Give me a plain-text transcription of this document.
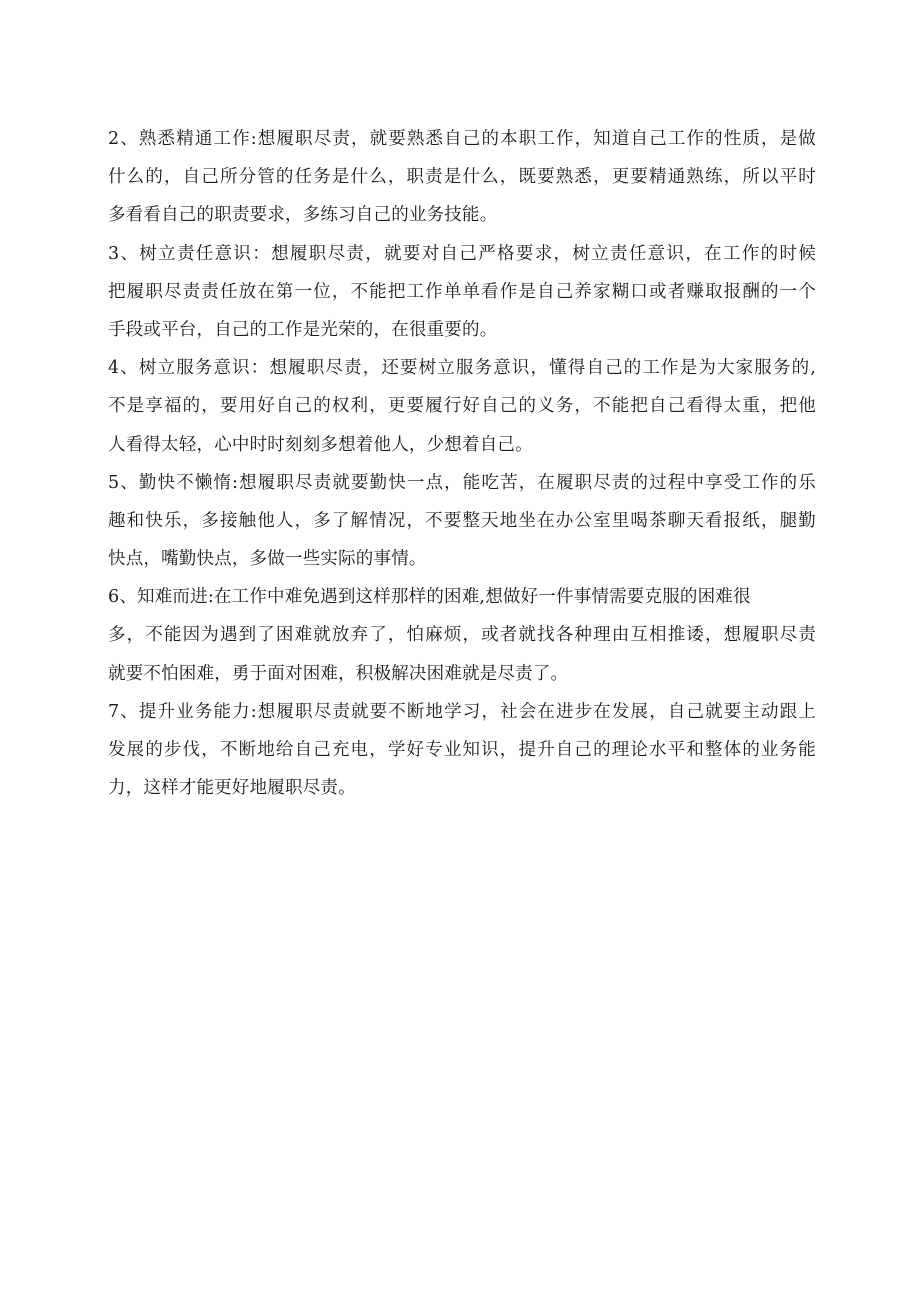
2、熟悉精通工作:想履职尽责，就要熟悉自己的本职工作，知道自己工作的性质，是做
什么的，自己所分管的任务是什么，职责是什么，既要熟悉，更要精通熟练，所以平时
多看看自己的职责要求，多练习自己的业务技能。
3、树立责任意识：想履职尽责，就要对自己严格要求，树立责任意识，在工作的时候
把履职尽责责任放在第一位，不能把工作单单看作是自己养家糊口或者赚取报酬的一个
手段或平台，自己的工作是光荣的，在很重要的。
4、树立服务意识：想履职尽责，还要树立服务意识，懂得自己的工作是为大家服务的,
不是享福的，要用好自己的权利，更要履行好自己的义务，不能把自己看得太重，把他
人看得太轻，心中时时刻刻多想着他人，少想着自己。
5、勤快不懒惰:想履职尽责就要勤快一点，能吃苦，在履职尽责的过程中享受工作的乐
趣和快乐，多接触他人，多了解情况，不要整天地坐在办公室里喝茶聊天看报纸，腿勤
快点，嘴勤快点，多做一些实际的事情。
6、知难而进:在工作中难免遇到这样那样的困难,想做好一件事情需要克服的困难很
多，不能因为遇到了困难就放弃了，怕麻烦，或者就找各种理由互相推诿，想履职尽责
就要不怕困难，勇于面对困难，积极解决困难就是尽责了。
7、提升业务能力:想履职尽责就要不断地学习，社会在进步在发展，自己就要主动跟上
发展的步伐，不断地给自己充电，学好专业知识，提升自己的理论水平和整体的业务能
力，这样才能更好地履职尽责。
